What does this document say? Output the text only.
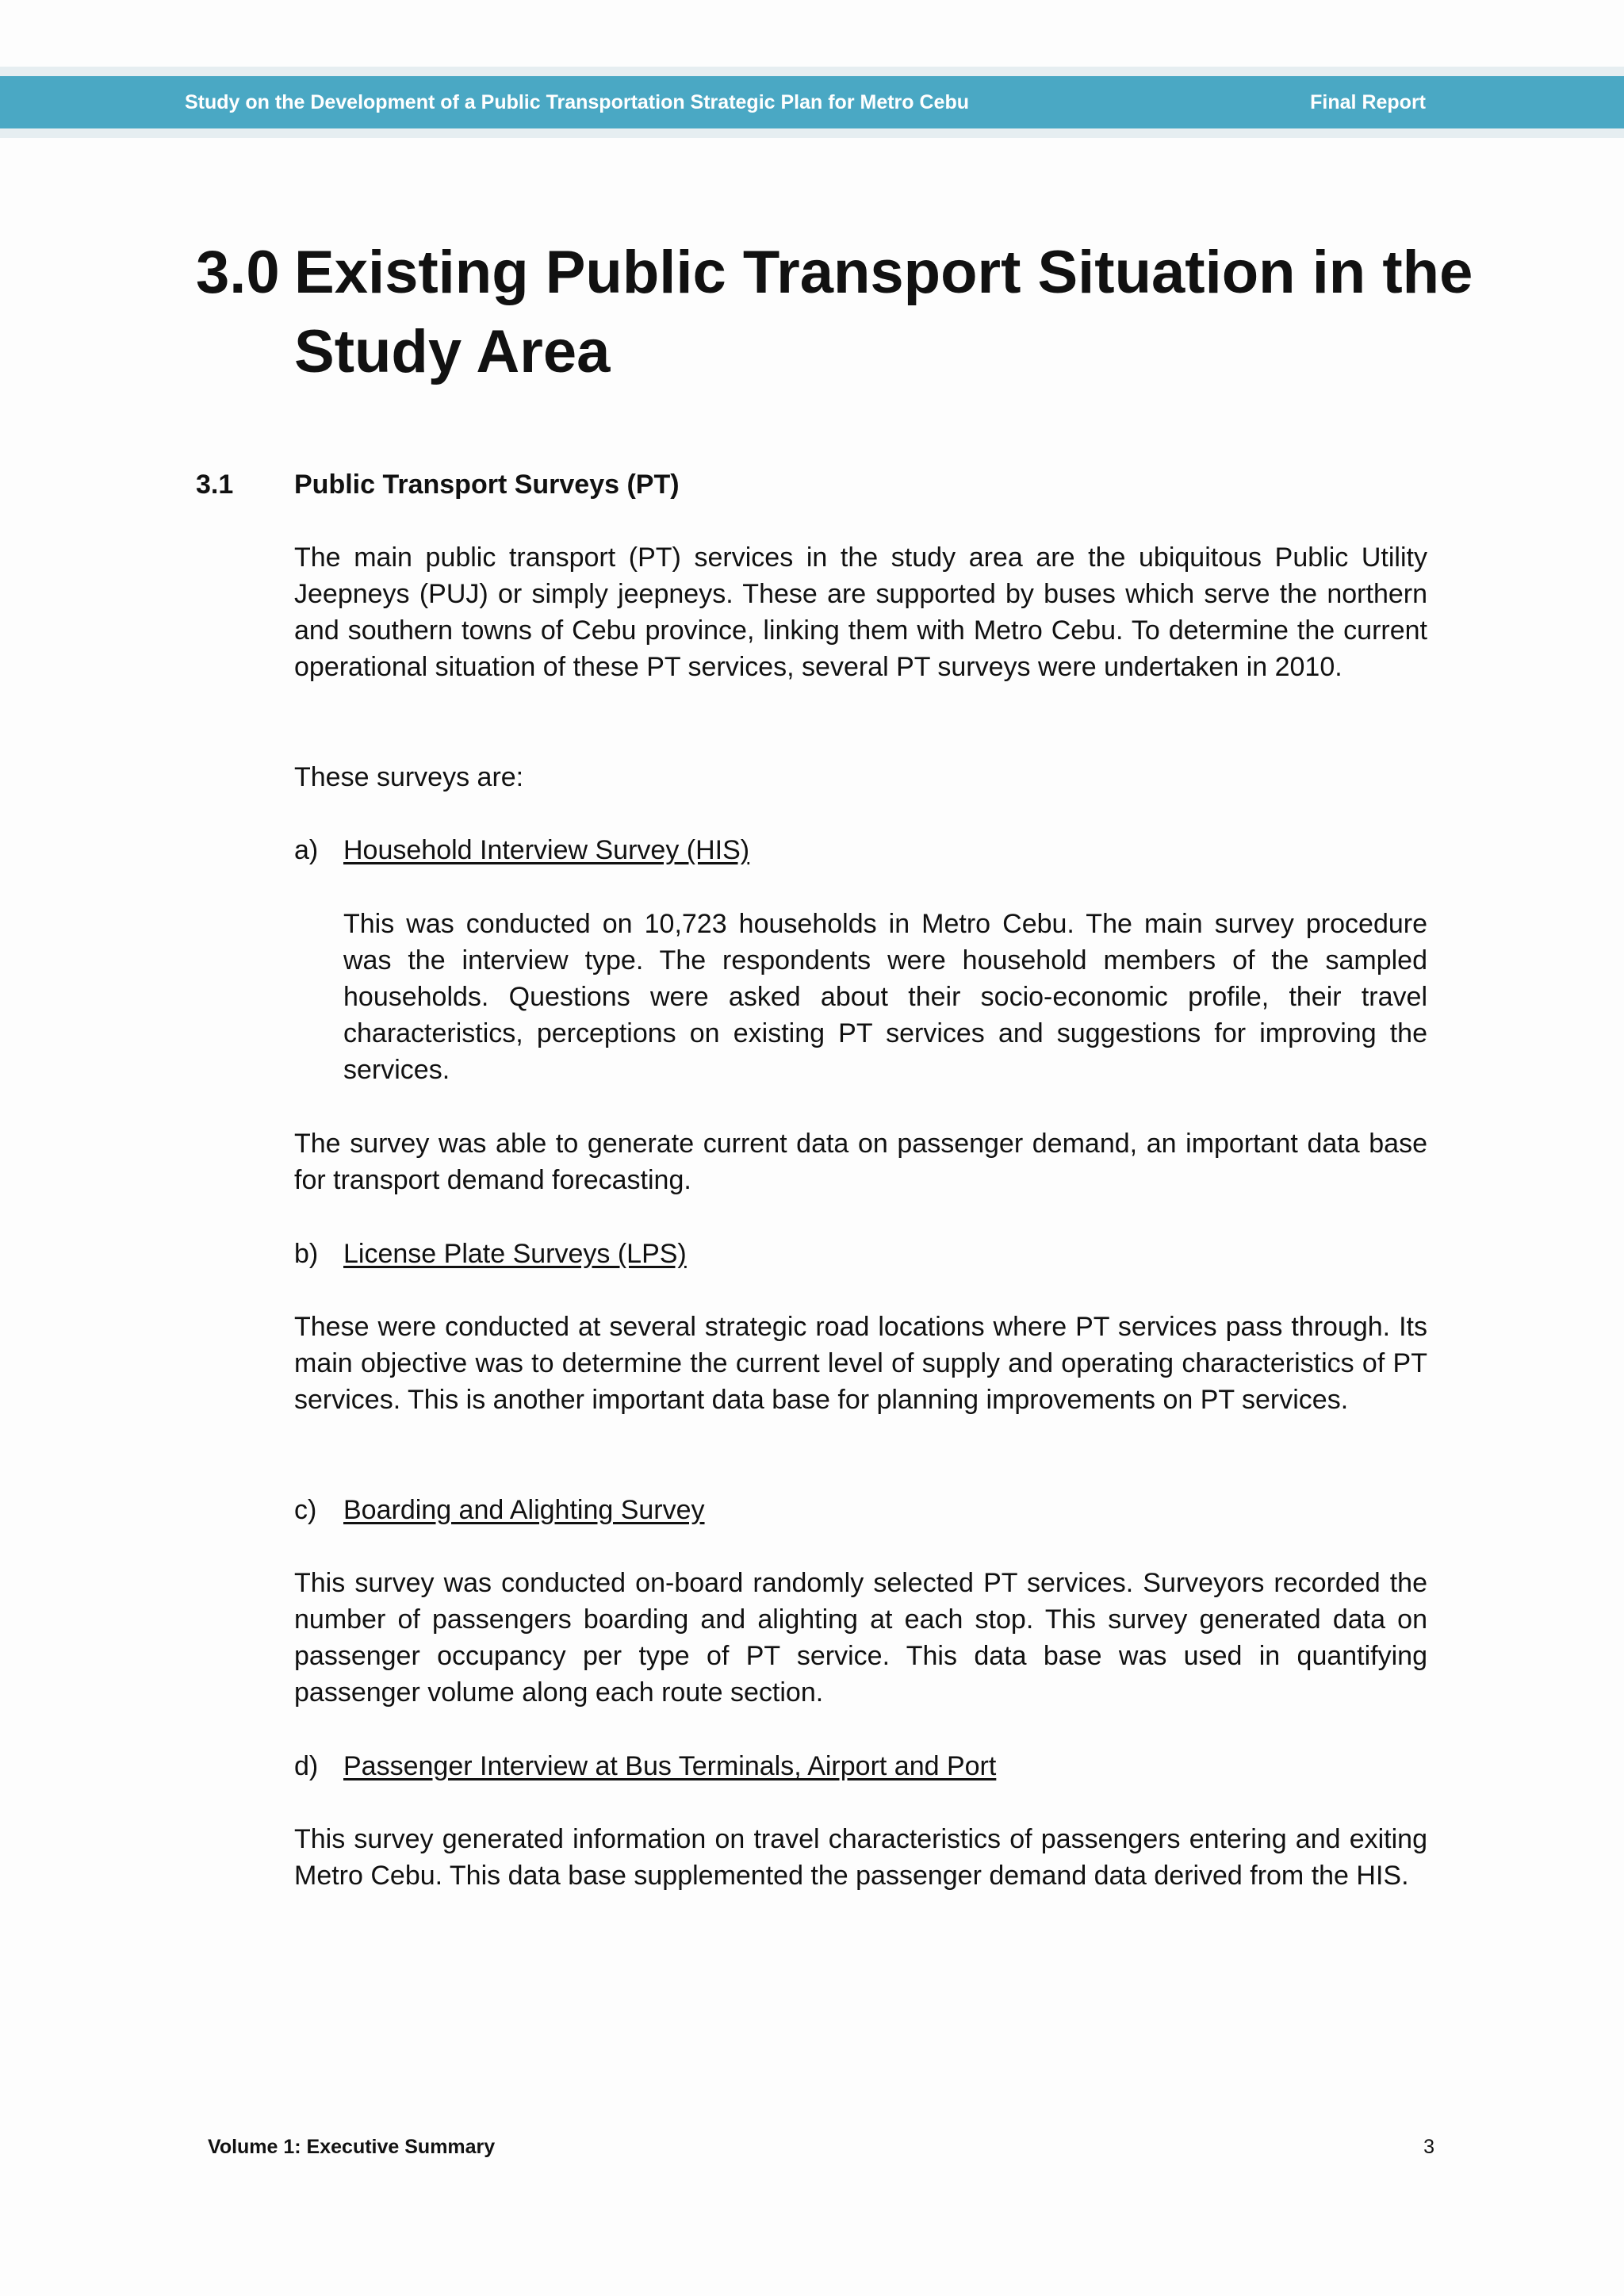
Study on the Development of a Public Transportation Strategic Plan for Metro Cebu	Final Report
3.0 Existing Public Transport Situation in the Study Area
3.1 Public Transport Surveys (PT)

The main public transport (PT) services in the study area are the ubiquitous Public Utility Jeepneys (PUJ) or simply jeepneys. These are supported by buses which serve the northern and southern towns of Cebu province, linking them with Metro Cebu. To determine the current operational situation of these PT services, several PT surveys were undertaken in 2010.

These surveys are:

a) Household Interview Survey (HIS)

This was conducted on 10,723 households in Metro Cebu. The main survey procedure was the interview type. The respondents were household members of the sampled households. Questions were asked about their socio-economic profile, their travel characteristics, perceptions on existing PT services and suggestions for improving the services.

The survey was able to generate current data on passenger demand, an important data base for transport demand forecasting.

b) License Plate Surveys (LPS)

These were conducted at several strategic road locations where PT services pass through. Its main objective was to determine the current level of supply and operating characteristics of PT services. This is another important data base for planning improvements on PT services.

c) Boarding and Alighting Survey

This survey was conducted on-board randomly selected PT services. Surveyors recorded the number of passengers boarding and alighting at each stop. This survey generated data on passenger occupancy per type of PT service. This data base was used in quantifying passenger volume along each route section.

d) Passenger Interview at Bus Terminals, Airport and Port

This survey generated information on travel characteristics of passengers entering and exiting Metro Cebu. This data base supplemented the passenger demand data derived from the HIS.

Volume 1: Executive Summary	3
